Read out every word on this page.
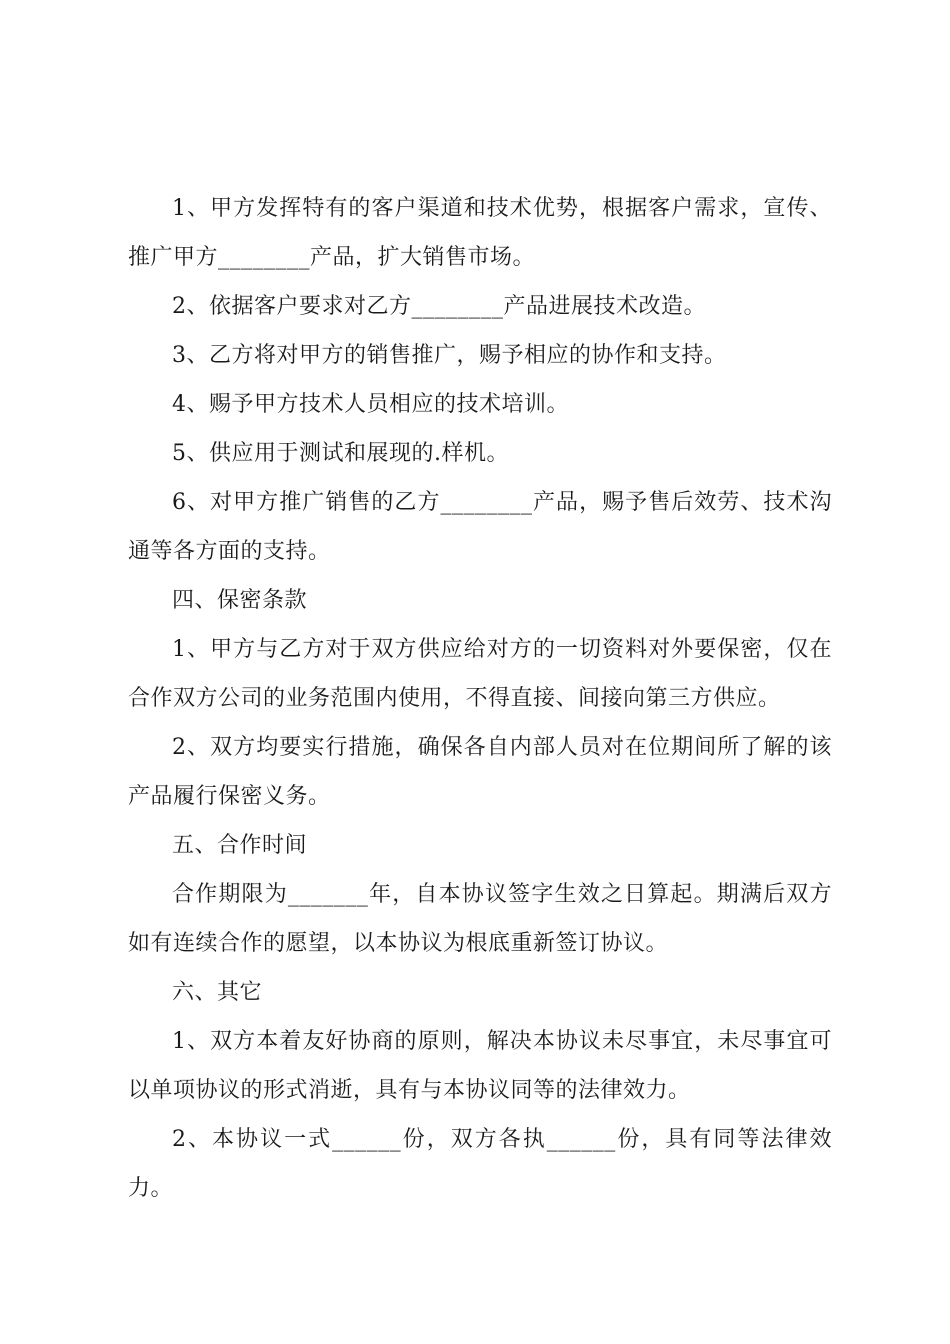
1、甲方发挥特有的客户渠道和技术优势，根据客户需求，宣传、推广甲方________产品，扩大销售市场。

2、依据客户要求对乙方________产品进展技术改造。

3、乙方将对甲方的销售推广，赐予相应的协作和支持。

4、赐予甲方技术人员相应的技术培训。

5、供应用于测试和展现的.样机。

6、对甲方推广销售的乙方________产品，赐予售后效劳、技术沟通等各方面的支持。

四、保密条款

1、甲方与乙方对于双方供应给对方的一切资料对外要保密，仅在合作双方公司的业务范围内使用，不得直接、间接向第三方供应。

2、双方均要实行措施，确保各自内部人员对在位期间所了解的该产品履行保密义务。

五、合作时间

合作期限为_______年，自本协议签字生效之日算起。期满后双方如有连续合作的愿望，以本协议为根底重新签订协议。

六、其它

1、双方本着友好协商的原则，解决本协议未尽事宜，未尽事宜可以单项协议的形式消逝，具有与本协议同等的法律效力。

2、本协议一式______份，双方各执______份，具有同等法律效力。
